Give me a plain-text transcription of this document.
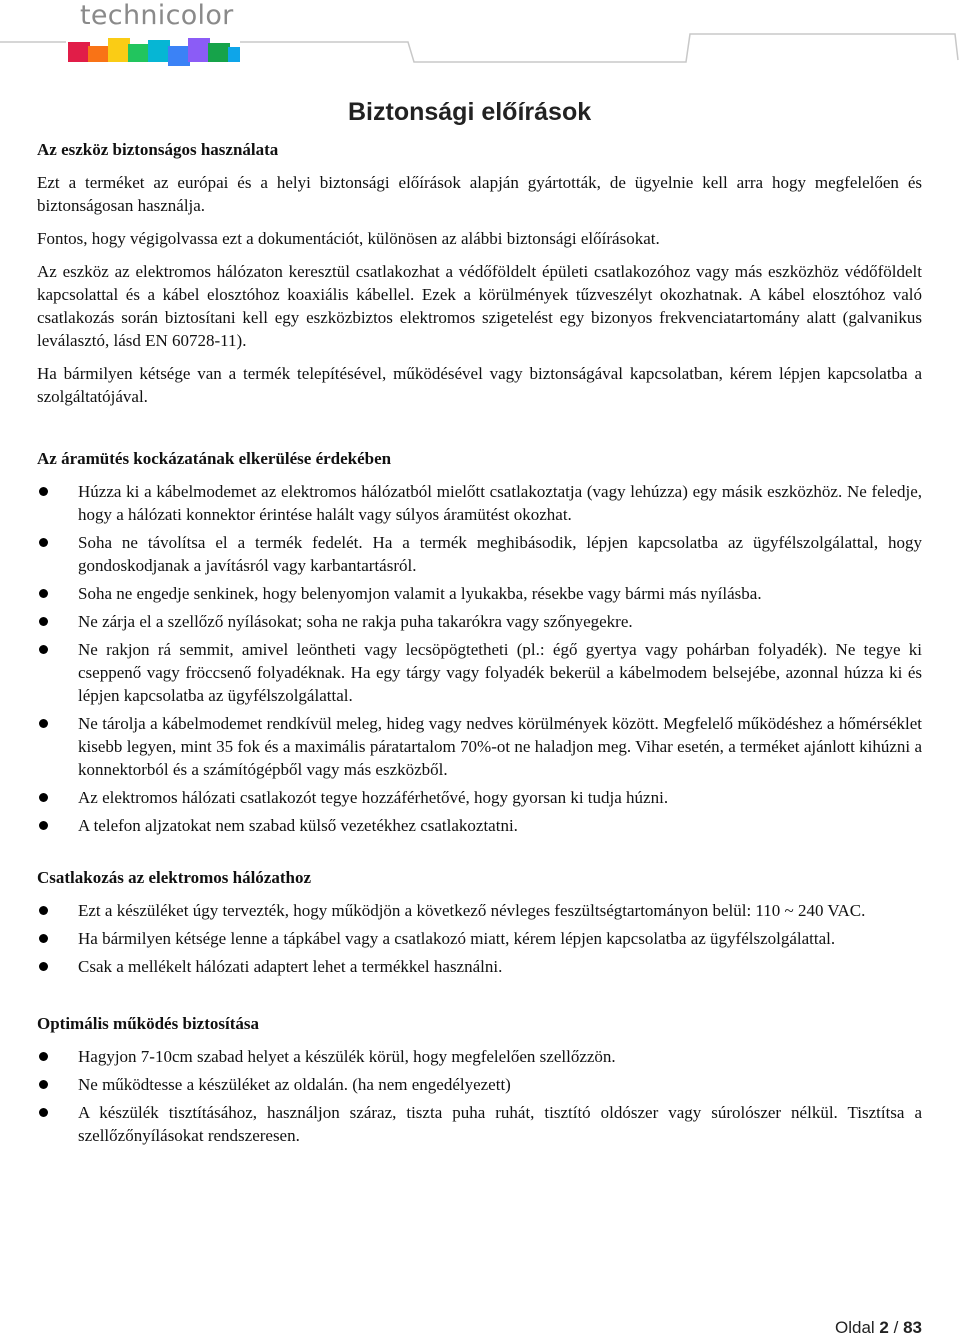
technicolor
Biztonsági előírások
Az eszköz biztonságos használata

Ezt a terméket az európai és a helyi biztonsági előírások alapján gyártották, de ügyelnie kell arra hogy megfelelően és biztonságosan használja.

Fontos, hogy végigolvassa ezt a dokumentációt, különösen az alábbi biztonsági előírásokat.

Az eszköz az elektromos hálózaton keresztül csatlakozhat a védőföldelt épületi csatlakozóhoz vagy más eszközhöz védőföldelt kapcsolattal és a kábel elosztóhoz koaxiális kábellel. Ezek a körülmények tűzveszélyt okozhatnak. A kábel elosztóhoz való csatlakozás során biztosítani kell egy eszközbiztos elektromos szigetelést egy bizonyos frekvenciatartomány alatt (galvanikus leválasztó, lásd EN 60728-11).

Ha bármilyen kétsége van a termék telepítésével, működésével vagy biztonságával kapcsolatban, kérem lépjen kapcsolatba a szolgáltatójával.

Az áramütés kockázatának elkerülése érdekében
Húzza ki a kábelmodemet az elektromos hálózatból mielőtt csatlakoztatja (vagy lehúzza) egy másik eszközhöz. Ne feledje, hogy a hálózati konnektor érintése halált vagy súlyos áramütést okozhat.
Soha ne távolítsa el a termék fedelét. Ha a termék meghibásodik, lépjen kapcsolatba az ügyfélszolgálattal, hogy gondoskodjanak a javításról vagy karbantartásról.
Soha ne engedje senkinek, hogy belenyomjon valamit a lyukakba, résekbe vagy bármi más nyílásba.
Ne zárja el a szellőző nyílásokat; soha ne rakja puha takarókra vagy szőnyegekre.
Ne rakjon rá semmit, amivel leöntheti vagy lecsöpögtetheti (pl.: égő gyertya vagy pohárban folyadék). Ne tegye ki cseppenő vagy fröccsenő folyadéknak. Ha egy tárgy vagy folyadék bekerül a kábelmodem belsejébe, azonnal húzza ki és lépjen kapcsolatba az ügyfélszolgálattal.
Ne tárolja a kábelmodemet rendkívül meleg, hideg vagy nedves körülmények között. Megfelelő működéshez a hőmérséklet kisebb legyen, mint 35 fok és a maximális páratartalom 70%-ot ne haladjon meg. Vihar esetén, a terméket ajánlott kihúzni a konnektorból és a számítógépből vagy más eszközből.
Az elektromos hálózati csatlakozót tegye hozzáférhetővé, hogy gyorsan ki tudja húzni.
A telefon aljzatokat nem szabad külső vezetékhez csatlakoztatni.
Csatlakozás az elektromos hálózathoz
Ezt a készüléket úgy tervezték, hogy működjön a következő névleges feszültségtartományon belül: 110 ~ 240 VAC.
Ha bármilyen kétsége lenne a tápkábel vagy a csatlakozó miatt, kérem lépjen kapcsolatba az ügyfélszolgálattal.
Csak a mellékelt hálózati adaptert lehet a termékkel használni.
Optimális működés biztosítása
Hagyjon 7-10cm szabad helyet a készülék körül, hogy megfelelően szellőzzön.
Ne működtesse a készüléket az oldalán. (ha nem engedélyezett)
A készülék tisztításához, használjon száraz, tiszta puha ruhát, tisztító oldószer vagy súrolószer nélkül. Tisztítsa a szellőzőnyílásokat rendszeresen.
Oldal 2 / 83
